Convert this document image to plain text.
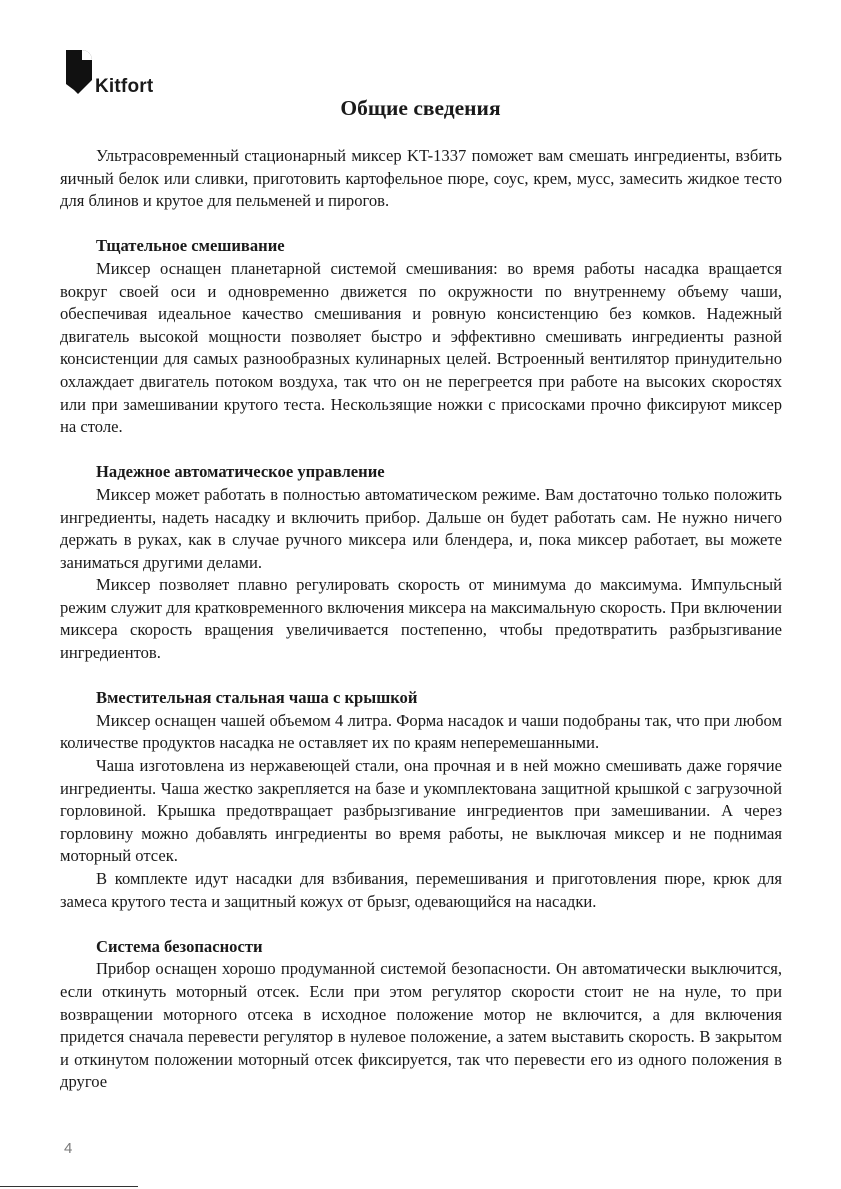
Kitfort
Общие сведения

Ультрасовременный стационарный миксер KT-1337 поможет вам смешать ингредиенты, взбить яичный белок или сливки, приготовить картофельное пюре, соус, крем, мусс, замесить жидкое тесто для блинов и крутое для пельменей и пирогов.

Тщательное смешивание

Миксер оснащен планетарной системой смешивания: во время работы насадка вращается вокруг своей оси и одновременно движется по окружности по внутреннему объему чаши, обеспечивая идеальное качество смешивания и ровную консистенцию без комков. Надежный двигатель высокой мощности позволяет быстро и эффективно смешивать ингредиенты разной консистенции для самых разнообразных кулинарных целей. Встроенный вентилятор принудительно охлаждает двигатель потоком воздуха, так что он не перегреется при работе на высоких скоростях или при замешивании крутого теста. Нескользящие ножки с присосками прочно фиксируют миксер на столе.

Надежное автоматическое управление

Миксер может работать в полностью автоматическом режиме. Вам достаточно только положить ингредиенты, надеть насадку и включить прибор. Дальше он будет работать сам. Не нужно ничего держать в руках, как в случае ручного миксера или блендера, и, пока миксер работает, вы можете заниматься другими делами.

Миксер позволяет плавно регулировать скорость от минимума до максимума. Импульсный режим служит для кратковременного включения миксера на максимальную скорость. При включении миксера скорость вращения увеличивается постепенно, чтобы предотвратить разбрызгивание ингредиентов.

Вместительная стальная чаша с крышкой

Миксер оснащен чашей объемом 4 литра. Форма насадок и чаши подобраны так, что при любом количестве продуктов насадка не оставляет их по краям неперемешанными.

Чаша изготовлена из нержавеющей стали, она прочная и в ней можно смешивать даже горячие ингредиенты. Чаша жестко закрепляется на базе и укомплектована защитной крышкой с загрузочной горловиной. Крышка предотвращает разбрызгивание ингредиентов при замешивании. А через горловину можно добавлять ингредиенты во время работы, не выключая миксер и не поднимая моторный отсек.

В комплекте идут насадки для взбивания, перемешивания и приготовления пюре, крюк для замеса крутого теста и защитный кожух от брызг, одевающийся на насадки.

Система безопасности

Прибор оснащен хорошо продуманной системой безопасности. Он автоматически выключится, если откинуть моторный отсек. Если при этом регулятор скорости стоит не на нуле, то при возвращении моторного отсека в исходное положение мотор не включится, а для включения придется сначала перевести регулятор в нулевое положение, а затем выставить скорость. В закрытом и откинутом положении моторный отсек фиксируется, так что перевести его из одного положения в другое

4
